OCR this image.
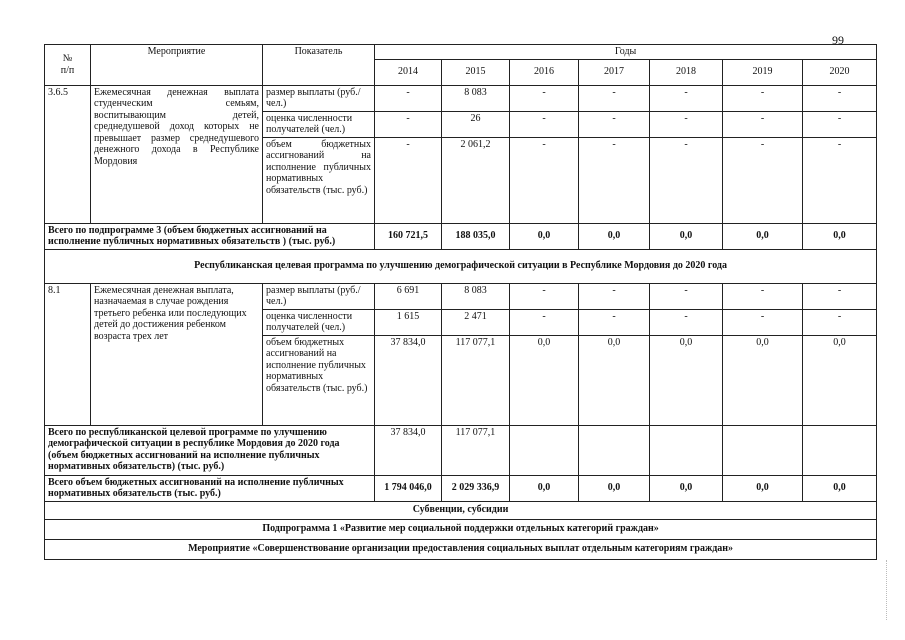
99
№
п/п	Мероприятие	Показатель	Годы						
			2014	2015	2016	2017	2018	2019	2020
3.6.5	Ежемесячная денежная выплата студенческим семьям, воспитывающим детей, среднедушевой доход которых не превышает размер среднедушевого денежного дохода в Республике Мордовия	размер выплаты (руб./ чел.)	-	8 083	-	-	-	-	-
		оценка численности получателей (чел.)	-	26	-	-	-	-	-
		объем бюджетных ассигнований на исполнение публичных нормативных обязательств (тыс. руб.)	-	2 061,2	-	-	-	-	-
Всего по подпрограмме 3 (объем бюджетных ассигнований на исполнение публичных нормативных обязательств ) (тыс. руб.)			160 721,5	188 035,0	0,0	0,0	0,0	0,0	0,0
Республиканская целевая программа по улучшению демографической ситуации в Республике Мордовия до 2020 года									
8.1	Ежемесячная денежная выплата, назначаемая в случае рождения третьего ребенка или последующих детей до достижения ребенком возраста трех лет	размер выплаты (руб./ чел.)	6 691	8 083	-	-	-	-	-
		оценка численности получателей (чел.)	1 615	2 471	-	-	-	-	-
		объем бюджетных ассигнований на исполнение публичных нормативных обязательств (тыс. руб.)	37 834,0	117 077,1	0,0	0,0	0,0	0,0	0,0
Всего по республиканской целевой программе по улучшению демографической ситуации в республике Мордовия до 2020 года (объем бюджетных ассигнований на исполнение публичных нормативных обязательств) (тыс. руб.)			37 834,0	117 077,1					
Всего объем бюджетных ассигнований на исполнение публичных нормативных обязательств (тыс. руб.)			1 794 046,0	2 029 336,9	0,0	0,0	0,0	0,0	0,0
Субвенции, субсидии									
Подпрограмма 1 «Развитие мер социальной поддержки отдельных категорий граждан»									
Мероприятие «Совершенствование организации предоставления социальных выплат отдельным категориям граждан»									
